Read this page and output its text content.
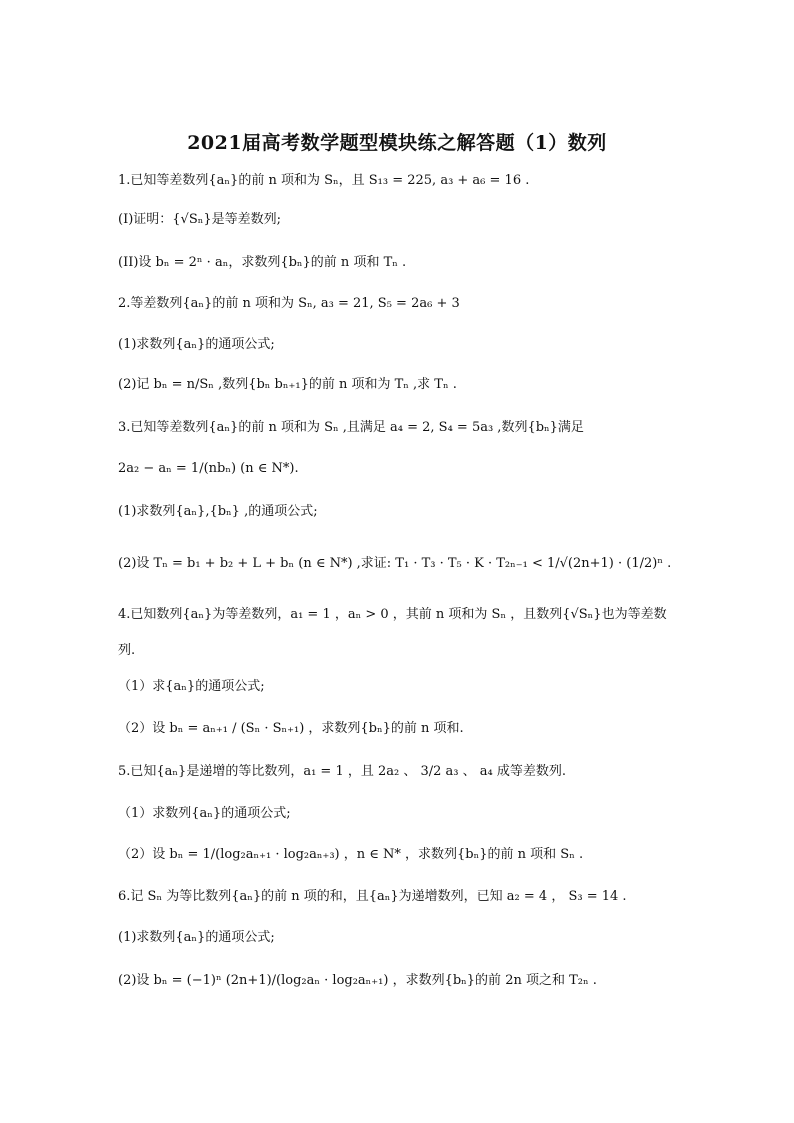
2021届高考数学题型模块练之解答题（1）数列
1.已知等差数列{aₙ}的前 n 项和为 Sₙ，且 S₁₃ = 225, a₃ + a₆ = 16 .
(I)证明：{√Sₙ}是等差数列;
(II)设 bₙ = 2ⁿ · aₙ，求数列{bₙ}的前 n 项和 Tₙ .
2.等差数列{aₙ}的前 n 项和为 Sₙ, a₃ = 21, S₅ = 2a₆ + 3
(1)求数列{aₙ}的通项公式;
(2)记 bₙ = n/Sₙ ,数列{bₙ bₙ₊₁}的前 n 项和为 Tₙ ,求 Tₙ .
3.已知等差数列{aₙ}的前 n 项和为 Sₙ ,且满足 a₄ = 2, S₄ = 5a₃ ,数列{bₙ}满足
2a₂ − aₙ = 1/(nbₙ) (n ∈ N*).
(1)求数列{aₙ},{bₙ} ,的通项公式;
(2)设 Tₙ = b₁ + b₂ + L + bₙ (n ∈ N*) ,求证: T₁ · T₃ · T₅ · K · T₂ₙ₋₁ < 1/√(2n+1) · (1/2)ⁿ .
4.已知数列{aₙ}为等差数列，a₁ = 1 ，aₙ > 0 ，其前 n 项和为 Sₙ ，且数列{√Sₙ}也为等差数
列.
（1）求{aₙ}的通项公式;
（2）设 bₙ = aₙ₊₁ / (Sₙ · Sₙ₊₁) ，求数列{bₙ}的前 n 项和.
5.已知{aₙ}是递增的等比数列，a₁ = 1 ，且 2a₂ 、 3/2 a₃ 、 a₄ 成等差数列.
（1）求数列{aₙ}的通项公式;
（2）设 bₙ = 1/(log₂aₙ₊₁ · log₂aₙ₊₃) ，n ∈ N* ，求数列{bₙ}的前 n 项和 Sₙ .
6.记 Sₙ 为等比数列{aₙ}的前 n 项的和，且{aₙ}为递增数列，已知 a₂ = 4 ， S₃ = 14 .
(1)求数列{aₙ}的通项公式;
(2)设 bₙ = (−1)ⁿ (2n+1)/(log₂aₙ · log₂aₙ₊₁) ，求数列{bₙ}的前 2n 项之和 T₂ₙ .
